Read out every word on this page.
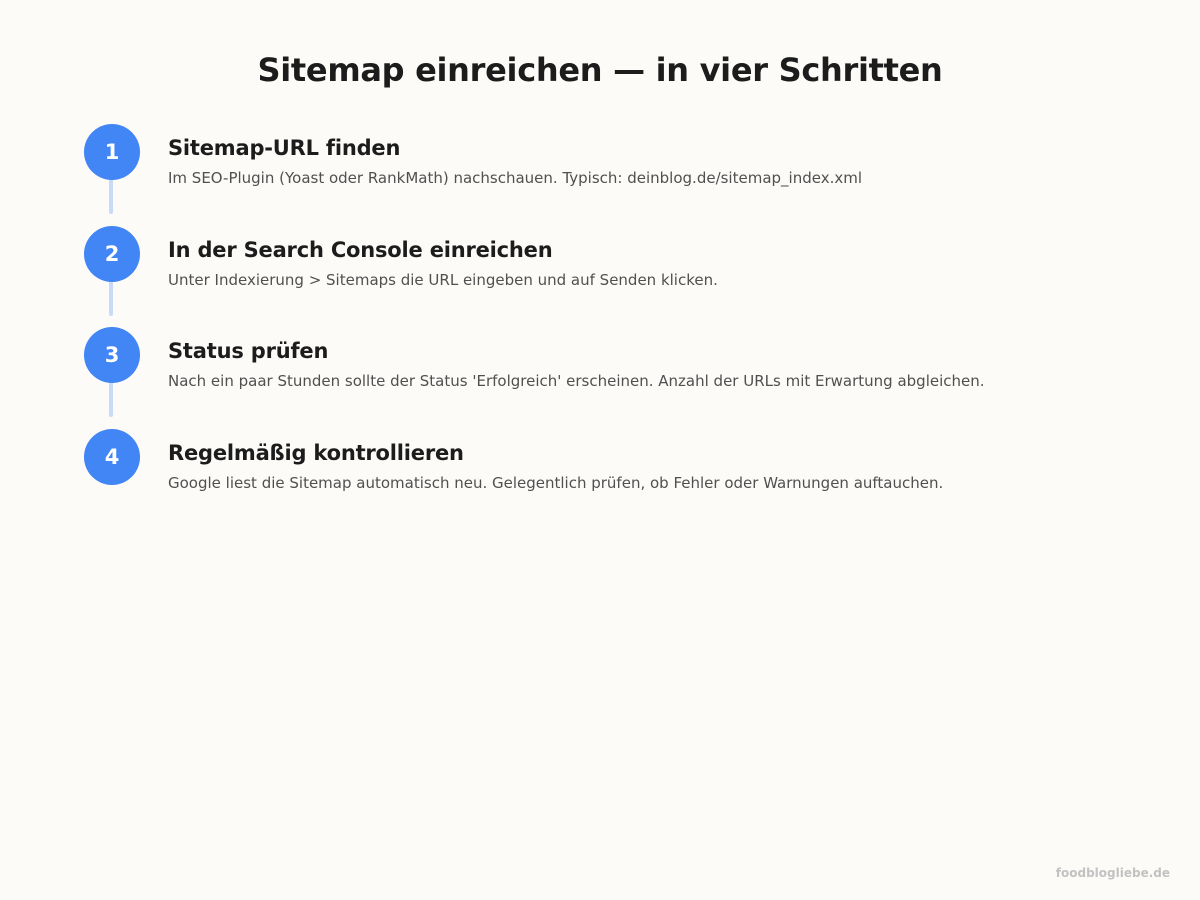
Sitemap einreichen — in vier Schritten
1	Sitemap-URL finden
Im SEO-Plugin (Yoast oder RankMath) nachschauen. Typisch: deinblog.de/sitemap_index.xml
2	In der Search Console einreichen
Unter Indexierung > Sitemaps die URL eingeben und auf Senden klicken.
3	Status prüfen
Nach ein paar Stunden sollte der Status 'Erfolgreich' erscheinen. Anzahl der URLs mit Erwartung abgleichen.
4	Regelmäßig kontrollieren
Google liest die Sitemap automatisch neu. Gelegentlich prüfen, ob Fehler oder Warnungen auftauchen.
foodblogliebe.de
